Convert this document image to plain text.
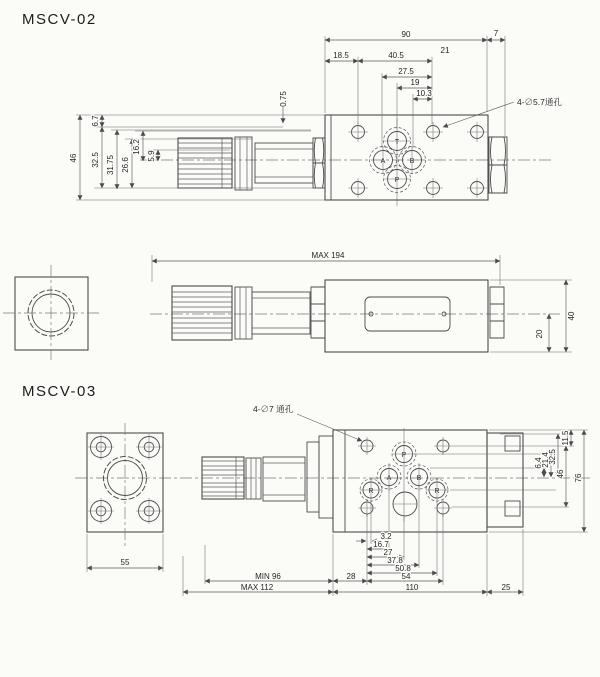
MSCV-02
T
A	B
P
90	7
21
18.5	40.5
27.5
19
10.3
0.75	4-∅5.7通孔
46
6.7
32.5 31.75 26.6
16.2
5.9
MAX 194
40
20
MSCV-03
55
P
A	B
R	R
4-∅7 通孔
6.4
21.4
32.5
46
11.5
76
3.2
16.7
27
37.8
50.8
54
28
MIN 96
MAX 112	110	25
